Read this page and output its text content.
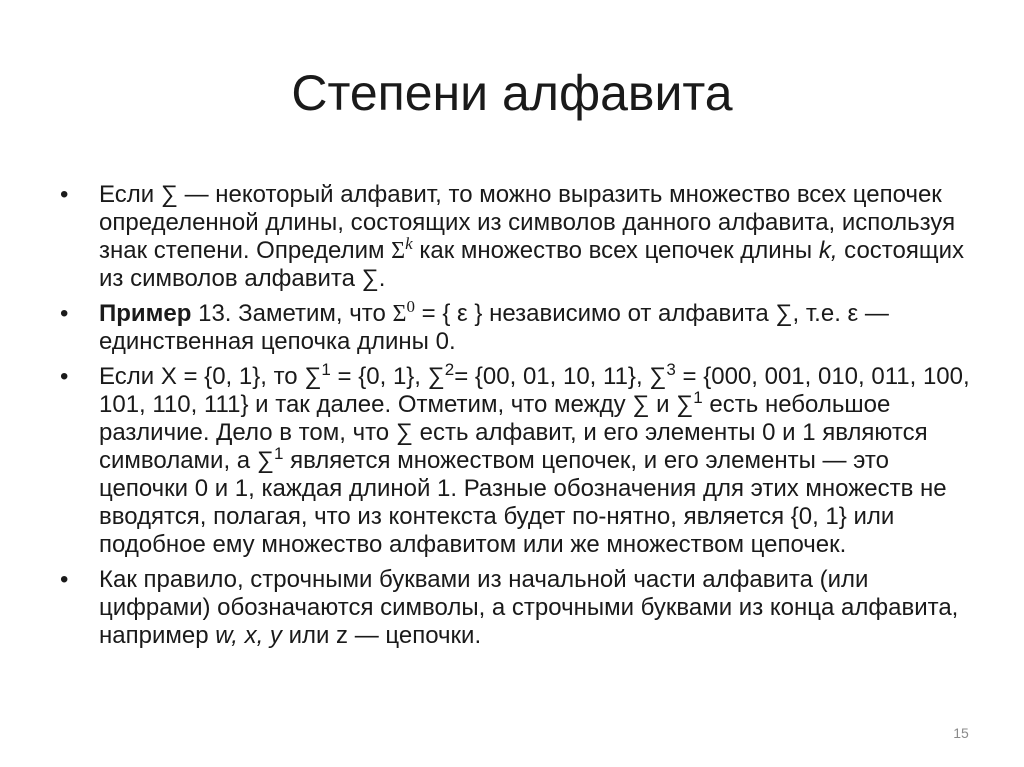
Степени алфавита
•	Если ∑ — некоторый алфавит, то можно выразить множество всех цепочек определенной длины, состоящих из символов данного алфавита, используя знак степени. Определим $\Sigma^k$ как множество всех цепочек длины k, состоящих из символов алфавита ∑.
•	Пример 13. Заметим, что $\Sigma^0$ = { ε } независимо от алфавита ∑, т.е. ε — единственная цепочка длины 0.
•	Если X = {0, 1}, то ∑$^1$ = {0, 1}, ∑$^2$= {00, 01, 10, 11}, ∑$^3$ = {000, 001, 010, 011, 100, 101, 110, 111} и так далее. Отметим, что между ∑ и ∑$^1$ есть небольшое различие. Дело в том, что ∑ есть алфавит, и его элементы 0 и 1 являются символами, а ∑$^1$ является множеством цепочек, и его элементы — это цепочки 0 и 1, каждая длиной 1. Разные обозначения для этих множеств не вводятся, полагая, что из контекста будет по-нятно, является {0, 1} или подобное ему множество алфавитом или же множеством цепочек.
•	Как правило, строчными буквами из начальной части алфавита (или цифрами) обозначаются символы, а строчными буквами из конца алфавита, например w, x, y или z — цепочки.
15
